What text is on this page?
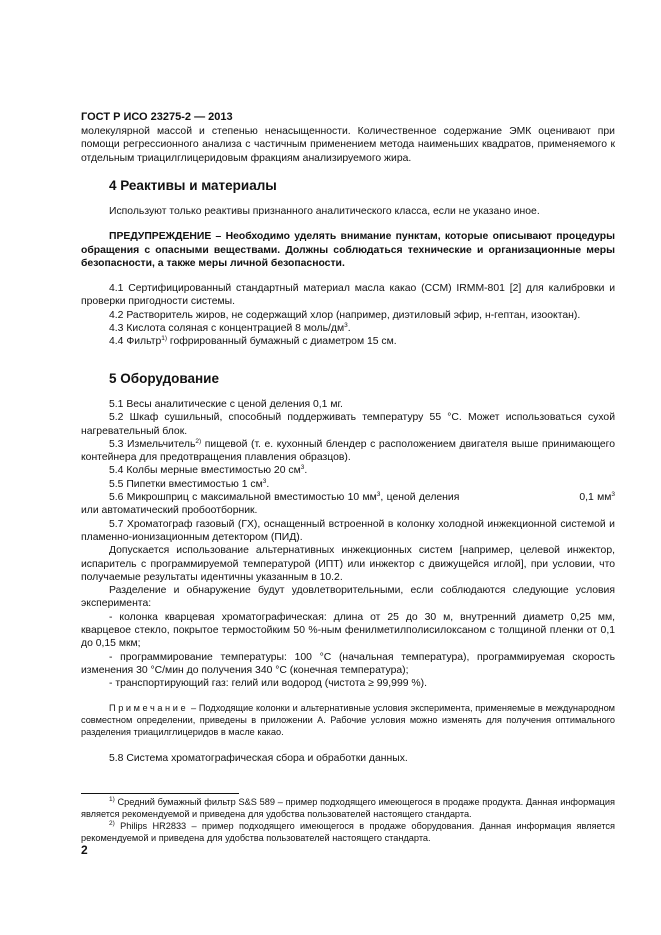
ГОСТ Р ИСО 23275-2 — 2013

молекулярной массой и степенью ненасыщенности. Количественное содержание ЭМК оценивают при помощи регрессионного анализа с частичным применением метода наименьших квадратов, применяемого к отдельным триацилглицеридовым фракциям анализируемого жира.

4 Реактивы и материалы

Используют только реактивы признанного аналитического класса, если не указано иное.

ПРЕДУПРЕЖДЕНИЕ – Необходимо уделять внимание пунктам, которые описывают процедуры обращения с опасными веществами. Должны соблюдаться технические и организационные меры безопасности, а также меры личной безопасности.

4.1 Сертифицированный стандартный материал масла какао (ССМ) IRMM-801 [2] для калибровки и проверки пригодности системы.

4.2 Растворитель жиров, не содержащий хлор (например, диэтиловый эфир, н-гептан, изооктан).

4.3 Кислота соляная с концентрацией 8 моль/$дм^3$.

4.4 Фильтр$^{1)}$ гофрированный бумажный с диаметром 15 см.

5 Оборудование

5.1 Весы аналитические с ценой деления 0,1 мг.

5.2 Шкаф сушильный, способный поддерживать температуру 55 °С. Может использоваться сухой нагревательный блок.

5.3 Измельчитель$^{2)}$ пищевой (т. е. кухонный блендер с расположением двигателя выше принимающего контейнера для предотвращения плавления образцов).

5.4 Колбы мерные вместимостью 20 $см^3$.

5.5 Пипетки вместимостью 1 $см^3$.

5.6 Микрошприц с максимальной вместимостью 10 $мм^3$, ценой деления	0,1 $мм^3$ или автоматический пробоотборник.

5.7 Хроматограф газовый (ГХ), оснащенный встроенной в колонку холодной инжекционной системой и пламенно-ионизационным детектором (ПИД).

Допускается использование альтернативных инжекционных систем [например, целевой инжектор, испаритель с программируемой температурой (ИПТ) или инжектор с движущейся иглой], при условии, что получаемые результаты идентичны указанным в 10.2.

Разделение и обнаружение будут удовлетворительными, если соблюдаются следующие условия эксперимента:

- колонка кварцевая хроматографическая: длина от 25 до 30 м, внутренний диаметр 0,25 мм, кварцевое стекло, покрытое термостойким 50 %-ным фенилметилполисилоксаном с толщиной пленки от 0,1 до 0,15 мкм;

- программирование температуры: 100 °С (начальная температура), программируемая скорость изменения 30 °С/мин до получения 340 °С (конечная температура);

- транспортирующий газ: гелий или водород (чистота ≥ 99,999 %).

Примечание – Подходящие колонки и альтернативные условия эксперимента, применяемые в международном совместном определении, приведены в приложении А. Рабочие условия можно изменять для получения оптимального разделения триацилглицеридов в масле какао.

5.8 Система хроматографическая сбора и обработки данных.

$^{1)}$ Средний бумажный фильтр S&S 589 – пример подходящего имеющегося в продаже продукта. Данная информация является рекомендуемой и приведена для удобства пользователей настоящего стандарта.

$^{2)}$ Philips HR2833 – пример подходящего имеющегося в продаже оборудования. Данная информация является рекомендуемой и приведена для удобства пользователей настоящего стандарта.

2
